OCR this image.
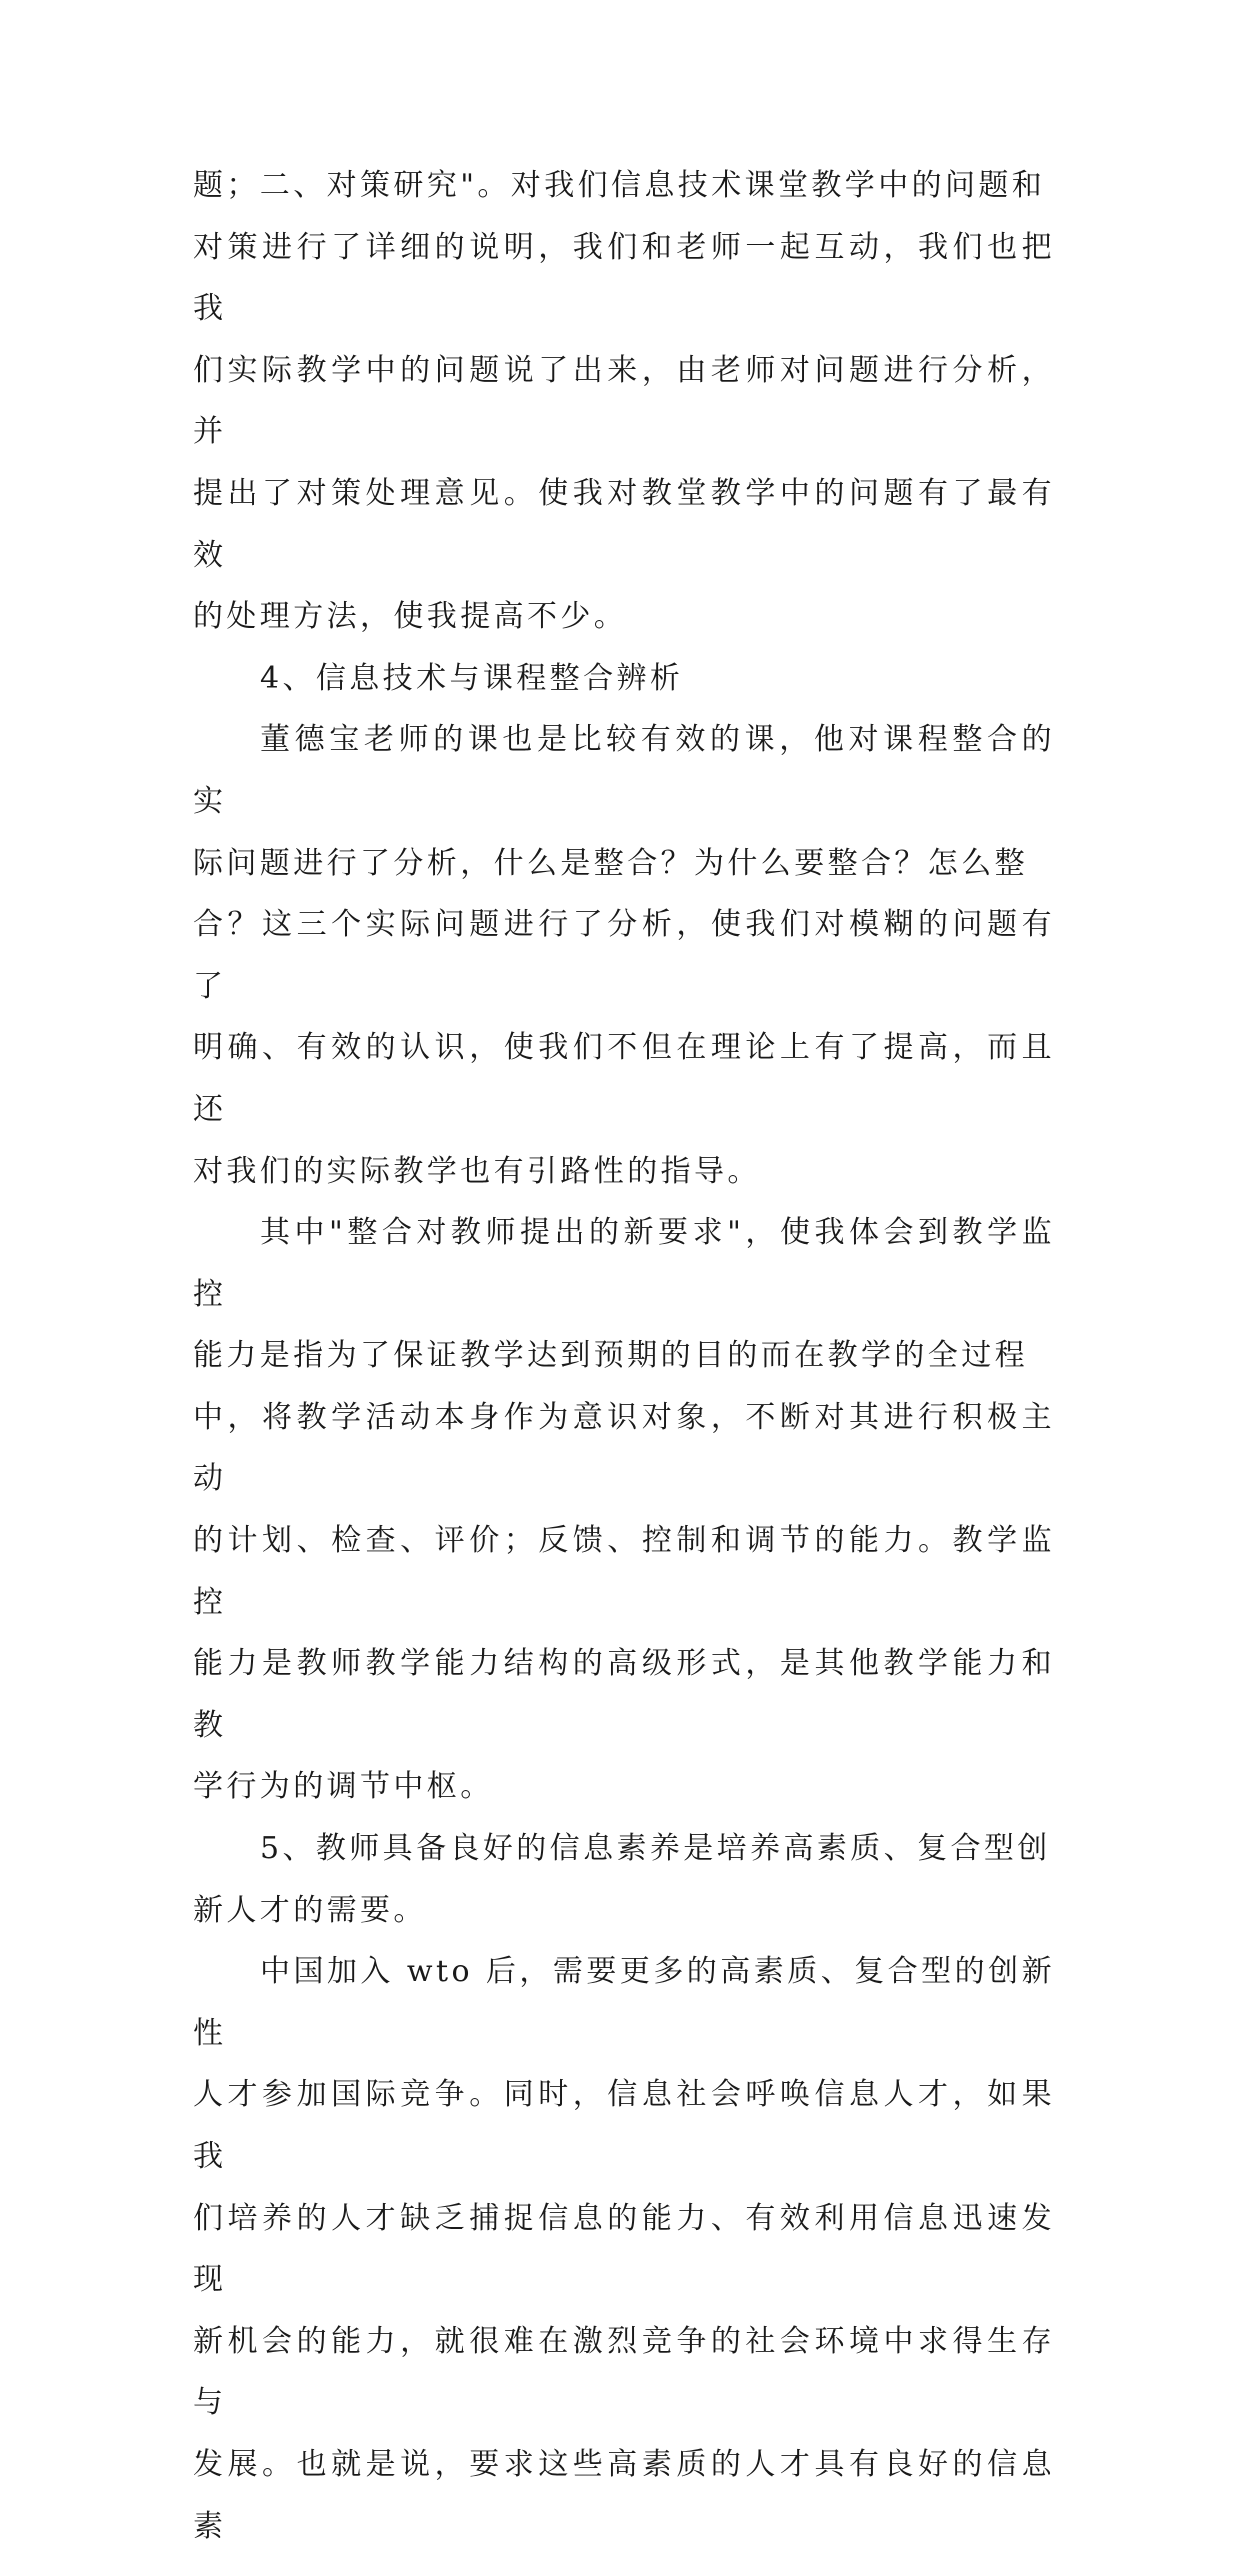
题；二、对策研究"。对我们信息技术课堂教学中的问题和
对策进行了详细的说明，我们和老师一起互动，我们也把我
们实际教学中的问题说了出来，由老师对问题进行分析，并
提出了对策处理意见。使我对教堂教学中的问题有了最有效
的处理方法，使我提高不少。

4、信息技术与课程整合辨析

董德宝老师的课也是比较有效的课，他对课程整合的实
际问题进行了分析，什么是整合？为什么要整合？怎么整
合？这三个实际问题进行了分析，使我们对模糊的问题有了
明确、有效的认识，使我们不但在理论上有了提高，而且还
对我们的实际教学也有引路性的指导。

其中"整合对教师提出的新要求"，使我体会到教学监控
能力是指为了保证教学达到预期的目的而在教学的全过程
中，将教学活动本身作为意识对象，不断对其进行积极主动
的计划、检查、评价；反馈、控制和调节的能力。教学监控
能力是教师教学能力结构的高级形式，是其他教学能力和教
学行为的调节中枢。

5、教师具备良好的信息素养是培养高素质、复合型创
新人才的需要。

中国加入 wto 后，需要更多的高素质、复合型的创新性
人才参加国际竞争。同时，信息社会呼唤信息人才，如果我
们培养的人才缺乏捕捉信息的能力、有效利用信息迅速发现
新机会的能力，就很难在激烈竞争的社会环境中求得生存与
发展。也就是说，要求这些高素质的人才具有良好的信息素
